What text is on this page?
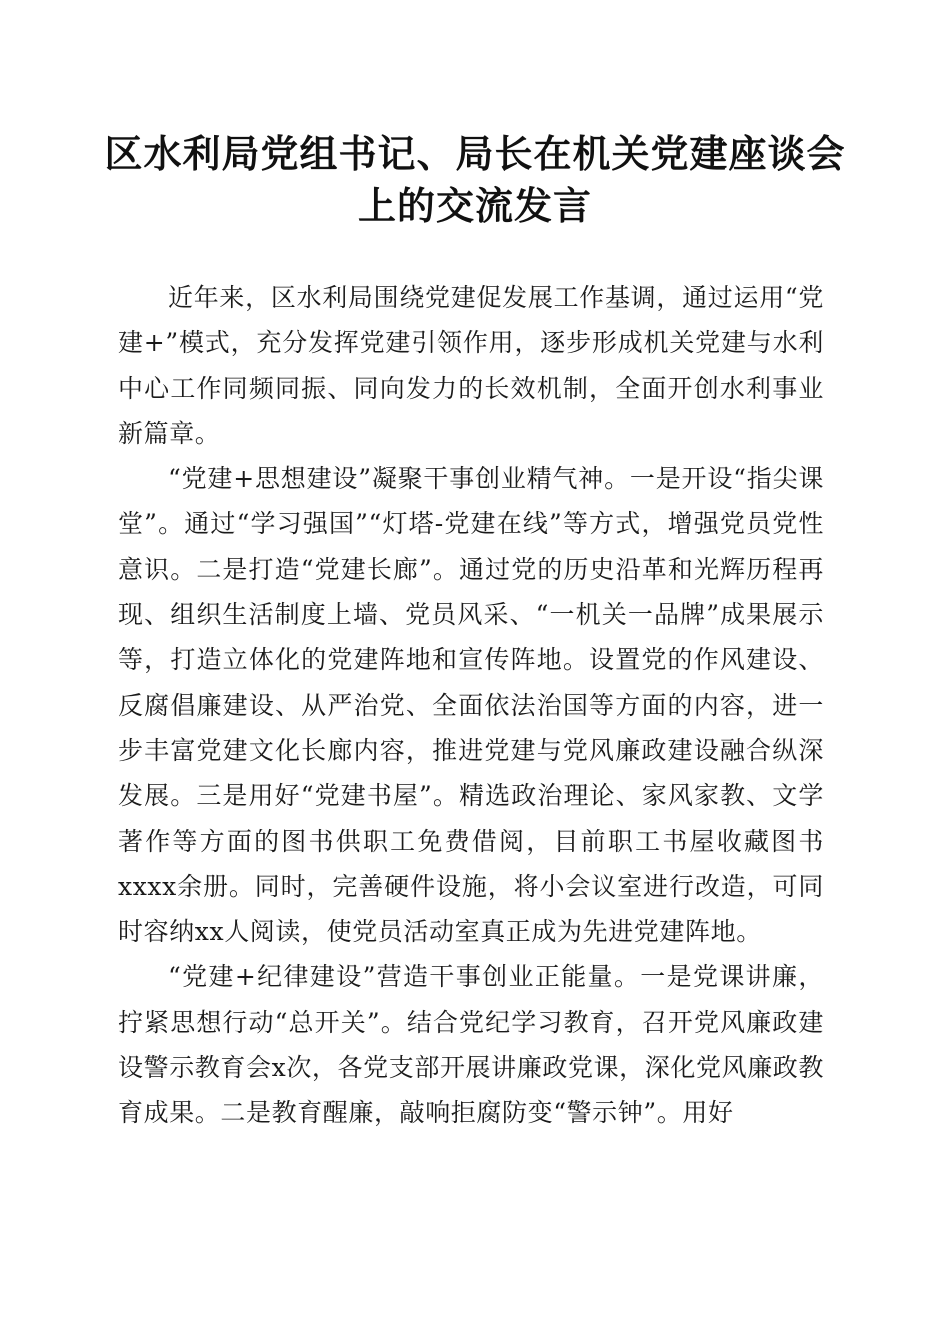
区水利局党组书记、局长在机关党建座谈会上的交流发言

近年来，区水利局围绕党建促发展工作基调，通过运用“党建+”模式，充分发挥党建引领作用，逐步形成机关党建与水利中心工作同频同振、同向发力的长效机制，全面开创水利事业新篇章。

“党建+思想建设”凝聚干事创业精气神。一是开设“指尖课堂”。通过“学习强国”“灯塔-党建在线”等方式，增强党员党性意识。二是打造“党建长廊”。通过党的历史沿革和光辉历程再现、组织生活制度上墙、党员风采、“一机关一品牌”成果展示等，打造立体化的党建阵地和宣传阵地。设置党的作风建设、反腐倡廉建设、从严治党、全面依法治国等方面的内容，进一步丰富党建文化长廊内容，推进党建与党风廉政建设融合纵深发展。三是用好“党建书屋”。精选政治理论、家风家教、文学著作等方面的图书供职工免费借阅，目前职工书屋收藏图书xxxx余册。同时，完善硬件设施，将小会议室进行改造，可同时容纳xx人阅读，使党员活动室真正成为先进党建阵地。

“党建+纪律建设”营造干事创业正能量。一是党课讲廉，拧紧思想行动“总开关”。结合党纪学习教育，召开党风廉政建设警示教育会x次，各党支部开展讲廉政党课，深化党风廉政教育成果。二是教育醒廉，敲响拒腐防变“警示钟”。用好
